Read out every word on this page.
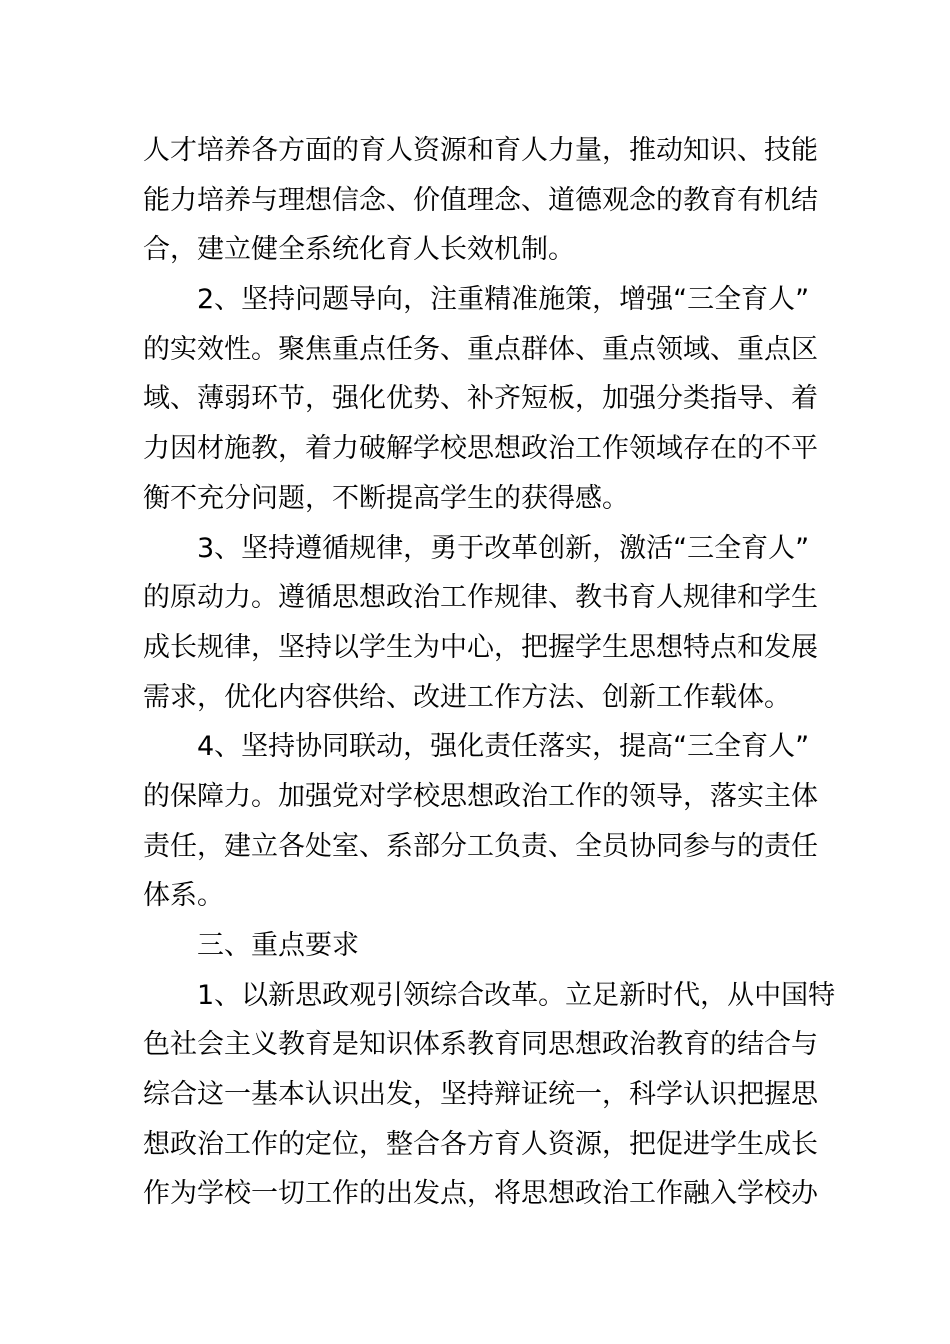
人才培养各方面的育人资源和育人力量，推动知识、技能
能力培养与理想信念、价值理念、道德观念的教育有机结
合，建立健全系统化育人长效机制。
2、坚持问题导向，注重精准施策，增强“三全育人”
的实效性。聚焦重点任务、重点群体、重点领域、重点区
域、薄弱环节，强化优势、补齐短板，加强分类指导、着
力因材施教，着力破解学校思想政治工作领域存在的不平
衡不充分问题，不断提高学生的获得感。
3、坚持遵循规律，勇于改革创新，激活“三全育人”
的原动力。遵循思想政治工作规律、教书育人规律和学生
成长规律，坚持以学生为中心，把握学生思想特点和发展
需求，优化内容供给、改进工作方法、创新工作载体。
4、坚持协同联动，强化责任落实，提高“三全育人”
的保障力。加强党对学校思想政治工作的领导，落实主体
责任，建立各处室、系部分工负责、全员协同参与的责任
体系。
三、重点要求
1、以新思政观引领综合改革。立足新时代，从中国特
色社会主义教育是知识体系教育同思想政治教育的结合与
综合这一基本认识出发，坚持辩证统一，科学认识把握思
想政治工作的定位，整合各方育人资源，把促进学生成长
作为学校一切工作的出发点，将思想政治工作融入学校办
